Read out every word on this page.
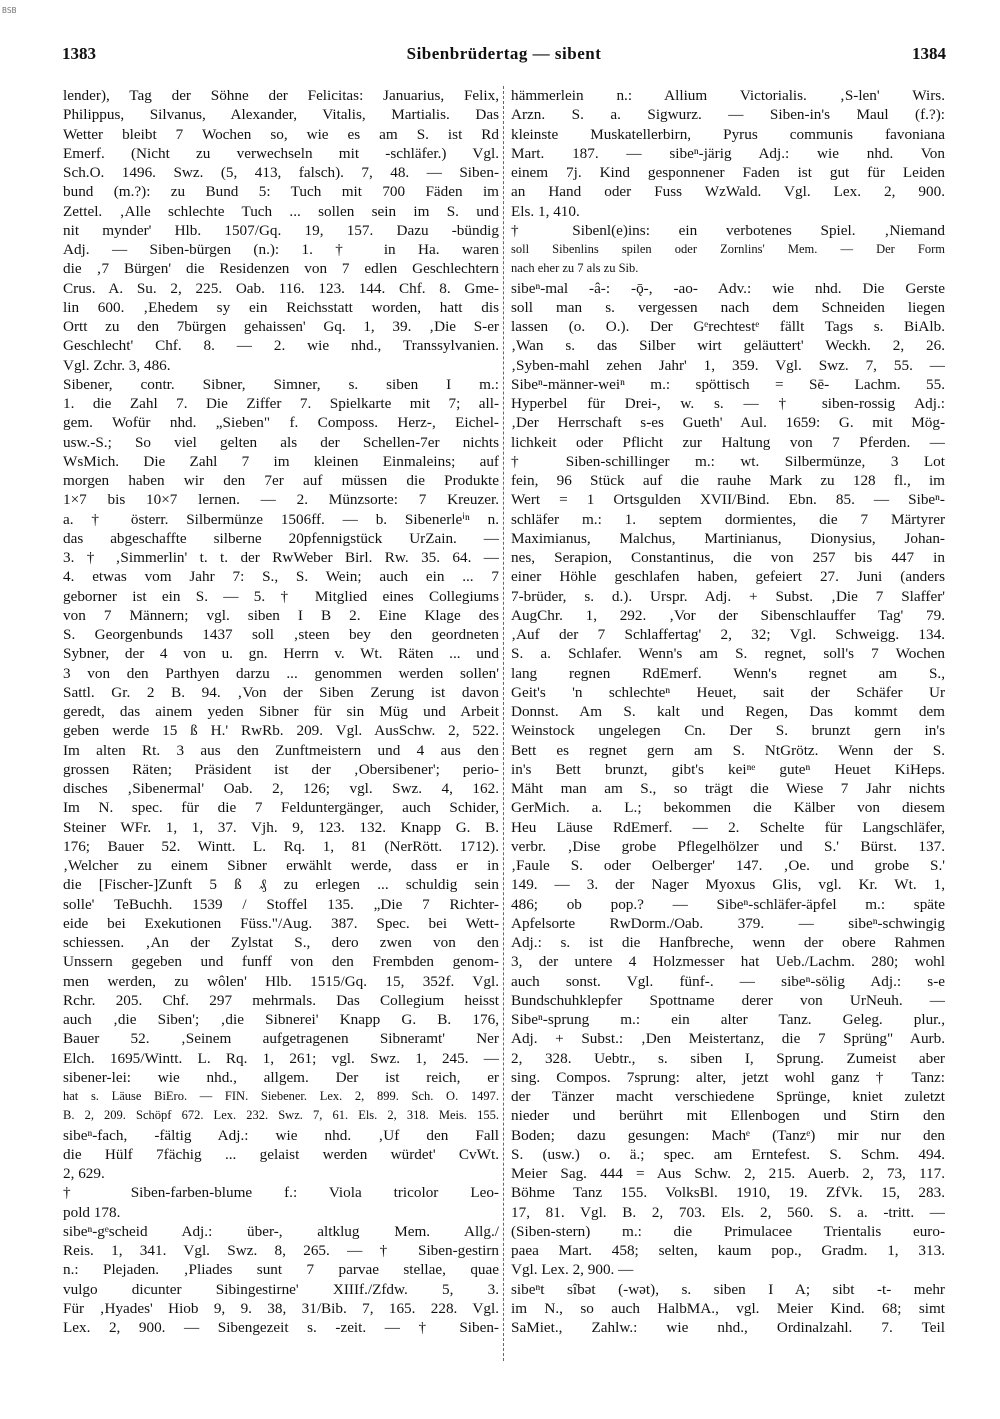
BSB
1383	Sibenbrüdertag — sibent	1384
lender), Tag der Söhne der Felicitas: Januarius, Felix,
Philippus, Silvanus, Alexander, Vitalis, Martialis. Das
Wetter bleibt 7 Wochen so, wie es am S. ist Rd
Emerf. (Nicht zu verwechseln mit -schläfer.) Vgl.
Sch.O. 1496. Swz. (5, 413, falsch). 7, 48. — Siben-
bund (m.?): zu Bund 5: Tuch mit 700 Fäden im
Zettel. ‚Alle schlechte Tuch ... sollen sein im S. und
nit mynder' Hlb. 1507/Gq. 19, 157. Dazu -bündig
Adj. — Siben-bürgen (n.): 1. † in Ha. waren
die ‚7 Bürgen' die Residenzen von 7 edlen Geschlechtern
Crus. A. Su. 2, 225. Oab. 116. 123. 144. Chf. 8. Gme-
lin 600. ‚Ehedem sy ein Reichsstatt worden, hatt dis
Ortt zu den 7bürgen gehaissen' Gq. 1, 39. ‚Die S-er
Geschlecht' Chf. 8. — 2. wie nhd., Transsylvanien.
Vgl. Zchr. 3, 486.
Sibener, contr. Sibner, Simner, s. siben I m.:
1. die Zahl 7. Die Ziffer 7. Spielkarte mit 7; all-
gem. Wofür nhd. „Sieben" f. Composs. Herz-, Eichel-
usw.-S.; So viel gelten als der Schellen-7er nichts
WsMich. Die Zahl 7 im kleinen Einmaleins; auf
morgen haben wir den 7er auf müssen die Produkte
1×7 bis 10×7 lernen. — 2. Münzsorte: 7 Kreuzer.
a. † österr. Silbermünze 1506ff. — b. Sibenerleⁱⁿ n.
das abgeschaffte silberne 20pfennigstück UrZain. —
3. † ‚Simmerlin' t. t. der RwWeber Birl. Rw. 35. 64. —
4. etwas vom Jahr 7: S., S. Wein; auch ein ... 7
geborner ist ein S. — 5. † Mitglied eines Collegiums
von 7 Männern; vgl. siben I B 2. Eine Klage des
S. Georgenbunds 1437 soll ‚steen bey den geordneten
Sybner, der 4 von u. gn. Herrn v. Wt. Räten ... und
3 von den Parthyen darzu ... genommen werden sollen'
Sattl. Gr. 2 B. 94. ‚Von der Siben Zerung ist davon
geredt, das ainem yeden Sibner für sin Müg und Arbeit
geben werde 15 ß H.' RwRb. 209. Vgl. AusSchw. 2, 522.
Im alten Rt. 3 aus den Zunftmeistern und 4 aus den
grossen Räten; Präsident ist der ‚Obersibener'; perio-
disches ‚Sibenermal' Oab. 2, 126; vgl. Swz. 4, 162.
Im N. spec. für die 7 Felduntergänger, auch Schider,
Steiner WFr. 1, 1, 37. Vjh. 9, 123. 132. Knapp G. B.
176; Bauer 52. Wintt. L. Rq. 1, 81 (NerRött. 1712).
‚Welcher zu einem Sibner erwählt werde, dass er in
die [Fischer-]Zunft 5 ß ₰ zu erlegen ... schuldig sein
solle' TeBuchh. 1539 / Stoffel 135. „Die 7 Richter-
eide bei Exekutionen Füss."/Aug. 387. Spec. bei Wett-
schiessen. ‚An der Zylstat S., dero zwen von den
Unssern gegeben und funff von den Frembden genom-
men werden, zu wôlen' Hlb. 1515/Gq. 15, 352f. Vgl.
Rchr. 205. Chf. 297 mehrmals. Das Collegium heisst
auch ‚die Siben'; ‚die Sibnerei' Knapp G. B. 176,
Bauer 52. ‚Seinem aufgetragenen Sibneramt' Ner
Elch. 1695/Wintt. L. Rq. 1, 261; vgl. Swz. 1, 245. —
sibener-lei: wie nhd., allgem. Der ist reich, er
hat s. Läuse BiEro. — FIN. Siebener. Lex. 2, 899. Sch. O. 1497.
B. 2, 209. Schöpf 672. Lex. 232. Swz. 7, 61. Els. 2, 318. Meis. 155.
sibeⁿ-fach, -fältig Adj.: wie nhd. ‚Uf den Fall
die Hülf 7fächig ... gelaist werden würdet' CvWt.
2, 629.
† Siben-farben-blume f.: Viola tricolor Leo-
pold 178.
sibeⁿ-gᵉscheid Adj.: über-, altklug Mem. Allg./
Reis. 1, 341. Vgl. Swz. 8, 265. — † Siben-gestirn
n.: Plejaden. ‚Pliades sunt 7 parvae stellae, quae
vulgo dicunter Sibingestirne' XIIIf./Zfdw. 5, 3.
Für ‚Hyades' Hiob 9, 9. 38, 31/Bib. 7, 165. 228. Vgl.
Lex. 2, 900. — Sibengezeit s. -zeit. — † Siben-
hämmerlein n.: Allium Victorialis. ‚S-len' Wirs.
Arzn. S. a. Sigwurz. — Siben-in's Maul (f.?):
kleinste Muskatellerbirn, Pyrus communis favoniana
Mart. 187. — sibeⁿ-järig Adj.: wie nhd. Von
einem 7j. Kind gesponnener Faden ist gut für Leiden
an Hand oder Fuss WzWald. Vgl. Lex. 2, 900.
Els. 1, 410.
† Sibenl(e)ins: ein verbotenes Spiel. ‚Niemand
soll Sibenlins spilen oder Zornlins' Mem. — Der Form
nach eher zu 7 als zu Sib.
sibeⁿ-mal -â-: -ǭ-, -ao- Adv.: wie nhd. Die Gerste
soll man s. vergessen nach dem Schneiden liegen
lassen (o. O.). Der Gᵉrechtestᵉ fällt Tags s. BiAlb.
‚Wan s. das Silber wirt geläuttert' Weckh. 2, 26.
‚Syben-mahl zehen Jahr' 1, 359. Vgl. Swz. 7, 55. —
Sibeⁿ-männer-weiⁿ m.: spöttisch = Sē- Lachm. 55.
Hyperbel für Drei-, w. s. — † siben-rossig Adj.:
‚Der Herrschaft s-es Gueth' Aul. 1659: G. mit Mög-
lichkeit oder Pflicht zur Haltung von 7 Pferden. —
† Siben-schillinger m.: wt. Silbermünze, 3 Lot
fein, 96 Stück auf die rauhe Mark zu 128 fl., im
Wert = 1 Ortsgulden XVII/Bind. Ebn. 85. — Sibeⁿ-
schläfer m.: 1. septem dormientes, die 7 Märtyrer
Maximianus, Malchus, Martinianus, Dionysius, Johan-
nes, Serapion, Constantinus, die von 257 bis 447 in
einer Höhle geschlafen haben, gefeiert 27. Juni (anders
7-brüder, s. d.). Urspr. Adj. + Subst. ‚Die 7 Slaffer'
AugChr. 1, 292. ‚Vor der Sibenschlauffer Tag' 79.
‚Auf der 7 Schlaffertag' 2, 32; Vgl. Schweigg. 134.
S. a. Schlafer. Wenn's am S. regnet, soll's 7 Wochen
lang regnen RdEmerf. Wenn's regnet am S.,
Geit's 'n schlechteⁿ Heuet, sait der Schäfer Ur
Donnst. Am S. kalt und Regen, Das kommt dem
Weinstock ungelegen Cn. Der S. brunzt gern in's
Bett es regnet gern am S. NtGrötz. Wenn der S.
in's Bett brunzt, gibt's keiⁿᵉ guteⁿ Heuet KiHeps.
Mäht man am S., so trägt die Wiese 7 Jahr nichts
GerMich. a. L.; bekommen die Kälber von diesem
Heu Läuse RdEmerf. — 2. Schelte für Langschläfer,
verbr. ‚Dise grobe Pflegelhölzer und S.' Bürst. 137.
‚Faule S. oder Oelberger' 147. ‚Oe. und grobe S.'
149. — 3. der Nager Myoxus Glis, vgl. Kr. Wt. 1,
486; ob pop.? — Sibeⁿ-schläfer-äpfel m.: späte
Apfelsorte RwDorm./Oab. 379. — sibeⁿ-schwingig
Adj.: s. ist die Hanfbreche, wenn der obere Rahmen
3, der untere 4 Holzmesser hat Ueb./Lachm. 280; wohl
auch sonst. Vgl. fünf-. — sibeⁿ-sölig Adj.: s-e
Bundschuhklepfer Spottname derer von UrNeuh. —
Sibeⁿ-sprung m.: ein alter Tanz. Geleg. plur.,
Adj. + Subst.: ‚Den Meistertanz, die 7 Sprüng" Aurb.
2, 328. Uebtr., s. siben I, Sprung. Zumeist aber
sing. Compos. 7sprung: alter, jetzt wohl ganz † Tanz:
der Tänzer macht verschiedene Sprünge, kniet zuletzt
nieder und berührt mit Ellenbogen und Stirn den
Boden; dazu gesungen: Machᵉ (Tanzᵉ) mir nur den
S. (usw.) o. ä.; spec. am Erntefest. S. Schm. 494.
Meier Sag. 444 = Aus Schw. 2, 215. Auerb. 2, 73, 117.
Böhme Tanz 155. VolksBl. 1910, 19. ZfVk. 15, 283.
17, 81. Vgl. B. 2, 703. Els. 2, 560. S. a. -tritt. —
(Siben-stern) m.: die Primulacee Trientalis euro-
paea Mart. 458; selten, kaum pop., Gradm. 1, 313.
Vgl. Lex. 2, 900. —
sibeⁿt sîbət (-wət), s. siben I A; sibt -t- mehr
im N., so auch HalbMA., vgl. Meier Kind. 68; simt
SaMiet., Zahlw.: wie nhd., Ordinalzahl. 7. Teil
